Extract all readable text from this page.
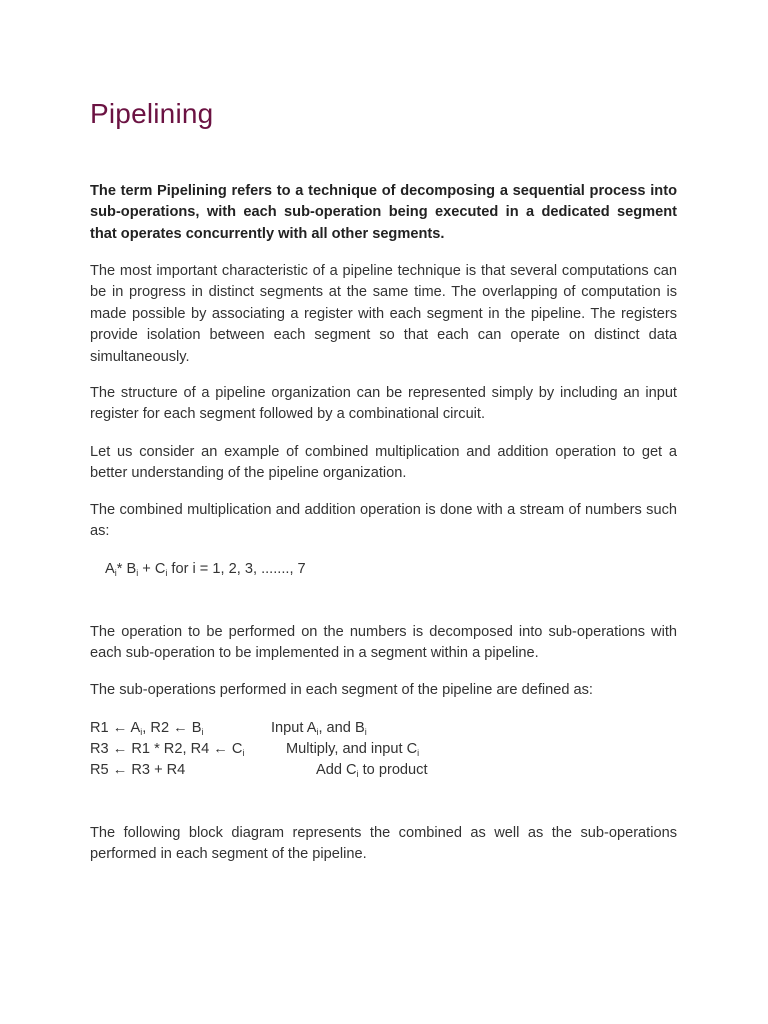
Pipelining

The term Pipelining refers to a technique of decomposing a sequential process into sub-operations, with each sub-operation being executed in a dedicated segment that operates concurrently with all other segments.

The most important characteristic of a pipeline technique is that several computations can be in progress in distinct segments at the same time. The overlapping of computation is made possible by associating a register with each segment in the pipeline. The registers provide isolation between each segment so that each can operate on distinct data simultaneously.

The structure of a pipeline organization can be represented simply by including an input register for each segment followed by a combinational circuit.

Let us consider an example of combined multiplication and addition operation to get a better understanding of the pipeline organization.

The combined multiplication and addition operation is done with a stream of numbers such as:

$A_i*$ $B_i + C_i$ for i = 1, 2, 3, ......., 7

The operation to be performed on the numbers is decomposed into sub-operations with each sub-operation to be implemented in a segment within a pipeline.

The sub-operations performed in each segment of the pipeline are defined as:

R1 ← $A_i$, R2 ← $B_i$	Input $A_i$, and $B_i$
R3 ← R1 * R2, R4 ← $C_i$	Multiply, and input $C_i$
R5 ← R3 + R4	Add $C_i$ to product

The following block diagram represents the combined as well as the sub-operations performed in each segment of the pipeline.
